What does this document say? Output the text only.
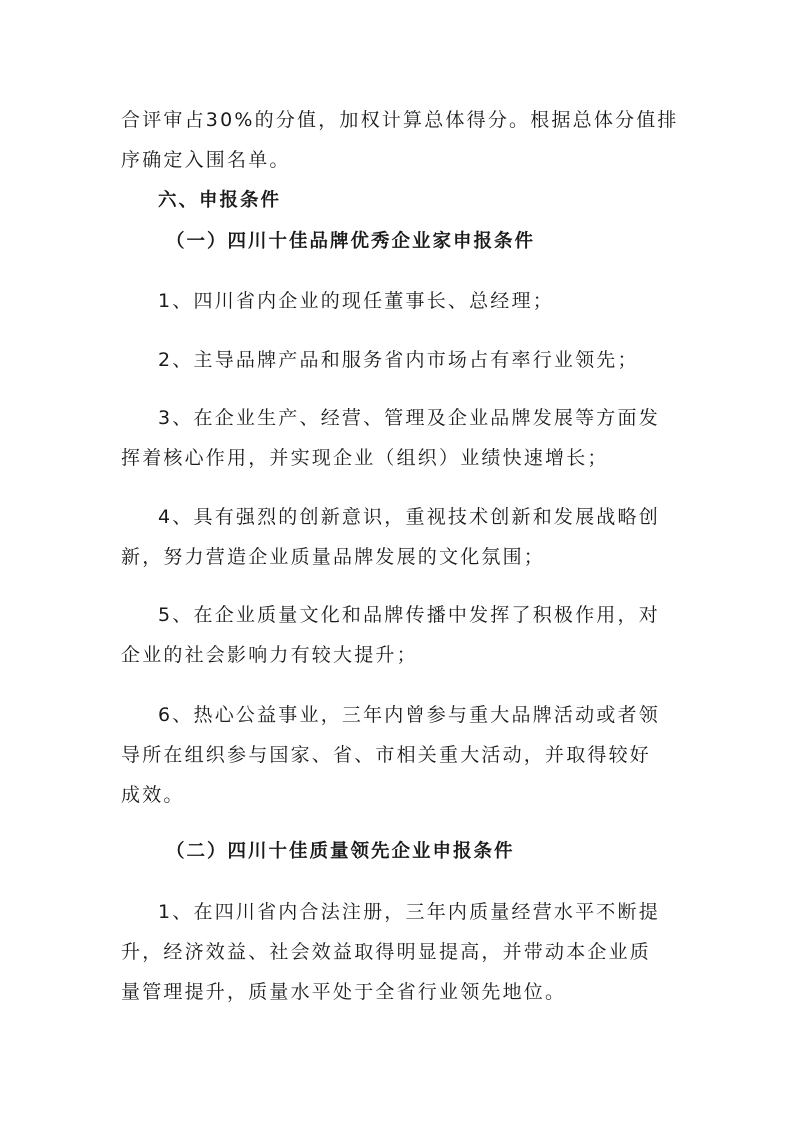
合评审占30%的分值，加权计算总体得分。根据总体分值排
序确定入围名单。
六、申报条件
（一）四川十佳品牌优秀企业家申报条件
1、四川省内企业的现任董事长、总经理；
2、主导品牌产品和服务省内市场占有率行业领先；
3、在企业生产、经营、管理及企业品牌发展等方面发
挥着核心作用，并实现企业（组织）业绩快速增长；
4、具有强烈的创新意识，重视技术创新和发展战略创
新，努力营造企业质量品牌发展的文化氛围；
5、在企业质量文化和品牌传播中发挥了积极作用，对
企业的社会影响力有较大提升；
6、热心公益事业，三年内曾参与重大品牌活动或者领
导所在组织参与国家、省、市相关重大活动，并取得较好
成效。
（二）四川十佳质量领先企业申报条件
1、在四川省内合法注册，三年内质量经营水平不断提
升，经济效益、社会效益取得明显提高，并带动本企业质
量管理提升，质量水平处于全省行业领先地位。
